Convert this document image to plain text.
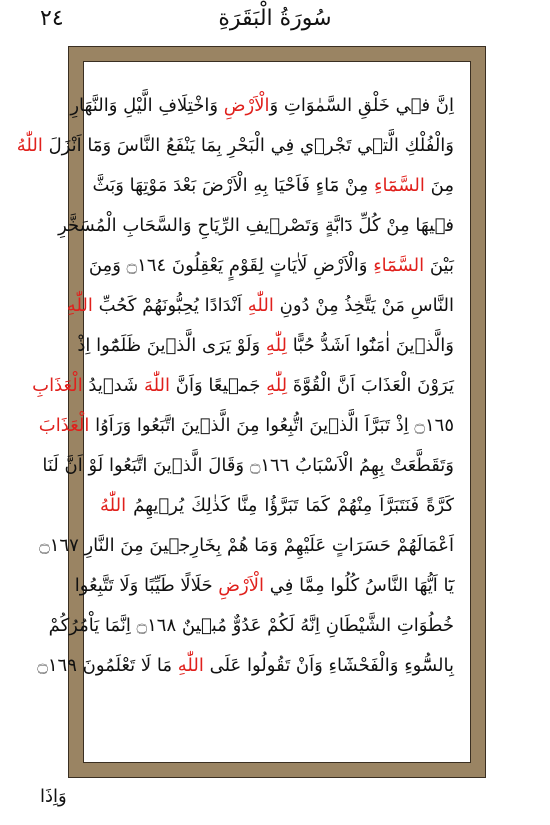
سُورَةُ الْبَقَرَةِ
٢٤
اِنَّ فٖي خَلْقِ السَّمٰوَاتِ وَالْاَرْضِ وَاخْتِلَافِ الَّيْلِ وَالنَّهَارِ
وَالْفُلْكِ الَّتٖي تَجْرٖي فِي الْبَحْرِ بِمَا يَنْفَعُ النَّاسَ وَمَٓا اَنْزَلَ اللّٰهُ
مِنَ السَّمَٓاءِ مِنْ مَٓاءٍ فَاَحْيَا بِهِ الْاَرْضَ بَعْدَ مَوْتِهَا وَبَثَّ
فٖيهَا مِنْ كُلِّ دَٓابَّةٍ وَتَصْرٖيفِ الرِّيَاحِ وَالسَّحَابِ الْمُسَخَّرِ
بَيْنَ السَّمَٓاءِ وَالْاَرْضِ لَاٰيَاتٍ لِقَوْمٍ يَعْقِلُونَ ۝١٦٤ وَمِنَ
النَّاسِ مَنْ يَتَّخِذُ مِنْ دُونِ اللّٰهِ اَنْدَادًا يُحِبُّونَهُمْ كَحُبِّ اللّٰهِ
وَالَّذٖينَ اٰمَنُٓوا اَشَدُّ حُبًّا لِلّٰهِ وَلَوْ يَرَى الَّذٖينَ ظَلَمُٓوا اِذْ
يَرَوْنَ الْعَذَابَ اَنَّ الْقُوَّةَ لِلّٰهِ جَمٖيعًا وَاَنَّ اللّٰهَ شَدٖيدُ الْعَذَابِ
۝١٦٥ اِذْ تَبَرَّاَ الَّذٖينَ اتُّبِعُوا مِنَ الَّذٖينَ اتَّبَعُوا وَرَاَوُا الْعَذَابَ
وَتَقَطَّعَتْ بِهِمُ الْاَسْبَابُ ۝١٦٦ وَقَالَ الَّذٖينَ اتَّبَعُوا لَوْ اَنَّ لَنَا
كَرَّةً فَنَتَبَرَّاَ مِنْهُمْ كَمَا تَبَرَّؤُا مِنَّا كَذٰلِكَ يُرٖيهِمُ اللّٰهُ
اَعْمَالَهُمْ حَسَرَاتٍ عَلَيْهِمْ وَمَا هُمْ بِخَارِجٖينَ مِنَ النَّارِ ۝١٦٧
يَٓا اَيُّهَا النَّاسُ كُلُوا مِمَّا فِي الْاَرْضِ حَلَالًا طَيِّبًا وَلَا تَتَّبِعُوا
خُطُوَاتِ الشَّيْطَانِ اِنَّهُ لَكُمْ عَدُوٌّ مُبٖينٌ ۝١٦٨ اِنَّمَا يَاْمُرُكُمْ
بِالسُّٓوءِ وَالْفَحْشَٓاءِ وَاَنْ تَقُولُوا عَلَى اللّٰهِ مَا لَا تَعْلَمُونَ ۝١٦٩
وَاِذَا
